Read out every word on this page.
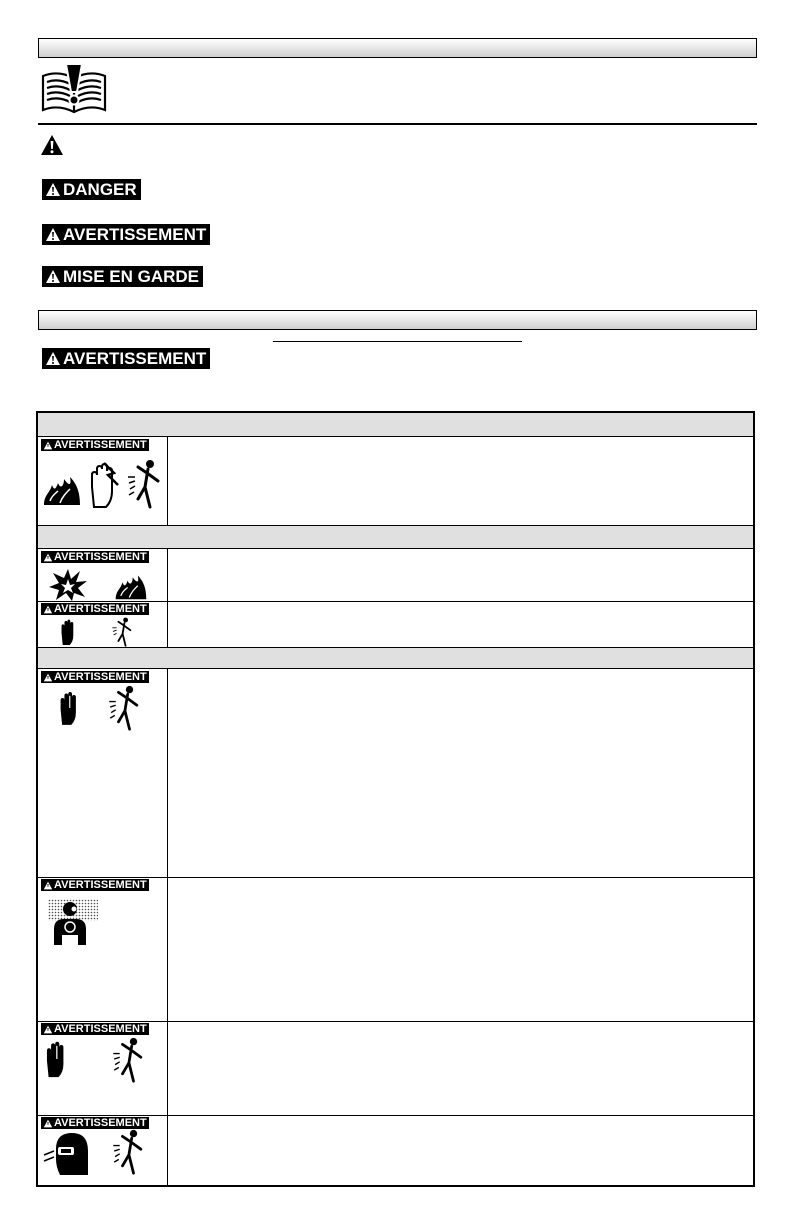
DANGER
AVERTISSEMENT
MISE EN GARDE
AVERTISSEMENT
AVERTISSEMENT
AVERTISSEMENT
AVERTISSEMENT
AVERTISSEMENT
AVERTISSEMENT
AVERTISSEMENT
AVERTISSEMENT
